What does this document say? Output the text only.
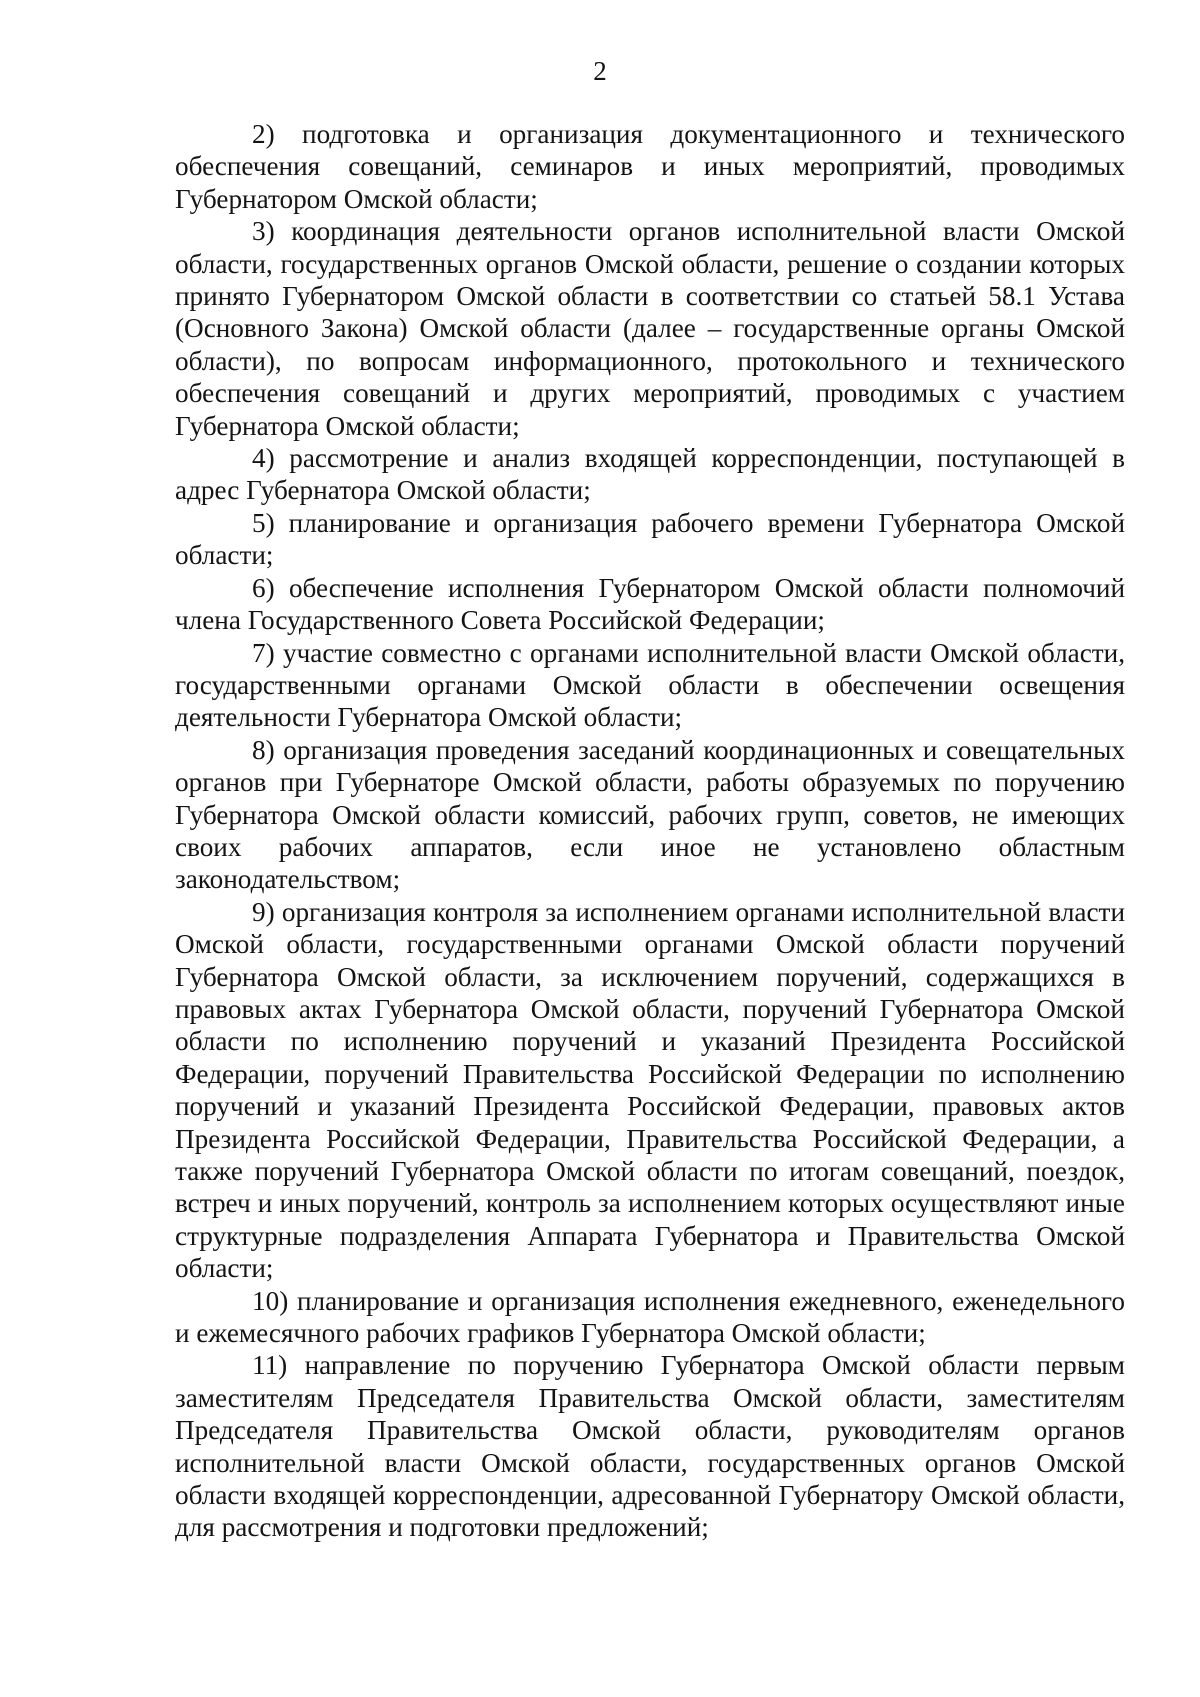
2

2) подготовка и организация документационного и технического обеспечения совещаний, семинаров и иных мероприятий, проводимых Губернатором Омской области;

3) координация деятельности органов исполнительной власти Омской области, государственных органов Омской области, решение о создании которых принято Губернатором Омской области в соответствии со статьей 58.1 Устава (Основного Закона) Омской области (далее – государственные органы Омской области), по вопросам информационного, протокольного и технического обеспечения совещаний и других мероприятий, проводимых с участием Губернатора Омской области;

4) рассмотрение и анализ входящей корреспонденции, поступающей в адрес Губернатора Омской области;

5) планирование и организация рабочего времени Губернатора Омской области;

6) обеспечение исполнения Губернатором Омской области полномочий члена Государственного Совета Российской Федерации;

7) участие совместно с органами исполнительной власти Омской области, государственными органами Омской области в обеспечении освещения деятельности Губернатора Омской области;

8) организация проведения заседаний координационных и совещательных органов при Губернаторе Омской области, работы образуемых по поручению Губернатора Омской области комиссий, рабочих групп, советов, не имеющих своих рабочих аппаратов, если иное не установлено областным законодательством;

9) организация контроля за исполнением органами исполнительной власти Омской области, государственными органами Омской области поручений Губернатора Омской области, за исключением поручений, содержащихся в правовых актах Губернатора Омской области, поручений Губернатора Омской области по исполнению поручений и указаний Президента Российской Федерации, поручений Правительства Российской Федерации по исполнению поручений и указаний Президента Российской Федерации, правовых актов Президента Российской Федерации, Правительства Российской Федерации, а также поручений Губернатора Омской области по итогам совещаний, поездок, встреч и иных поручений, контроль за исполнением которых осуществляют иные структурные подразделения Аппарата Губернатора и Правительства Омской области;

10) планирование и организация исполнения ежедневного, еженедельного и ежемесячного рабочих графиков Губернатора Омской области;

11) направление по поручению Губернатора Омской области первым заместителям Председателя Правительства Омской области, заместителям Председателя Правительства Омской области, руководителям органов исполнительной власти Омской области, государственных органов Омской области входящей корреспонденции, адресованной Губернатору Омской области, для рассмотрения и подготовки предложений;
